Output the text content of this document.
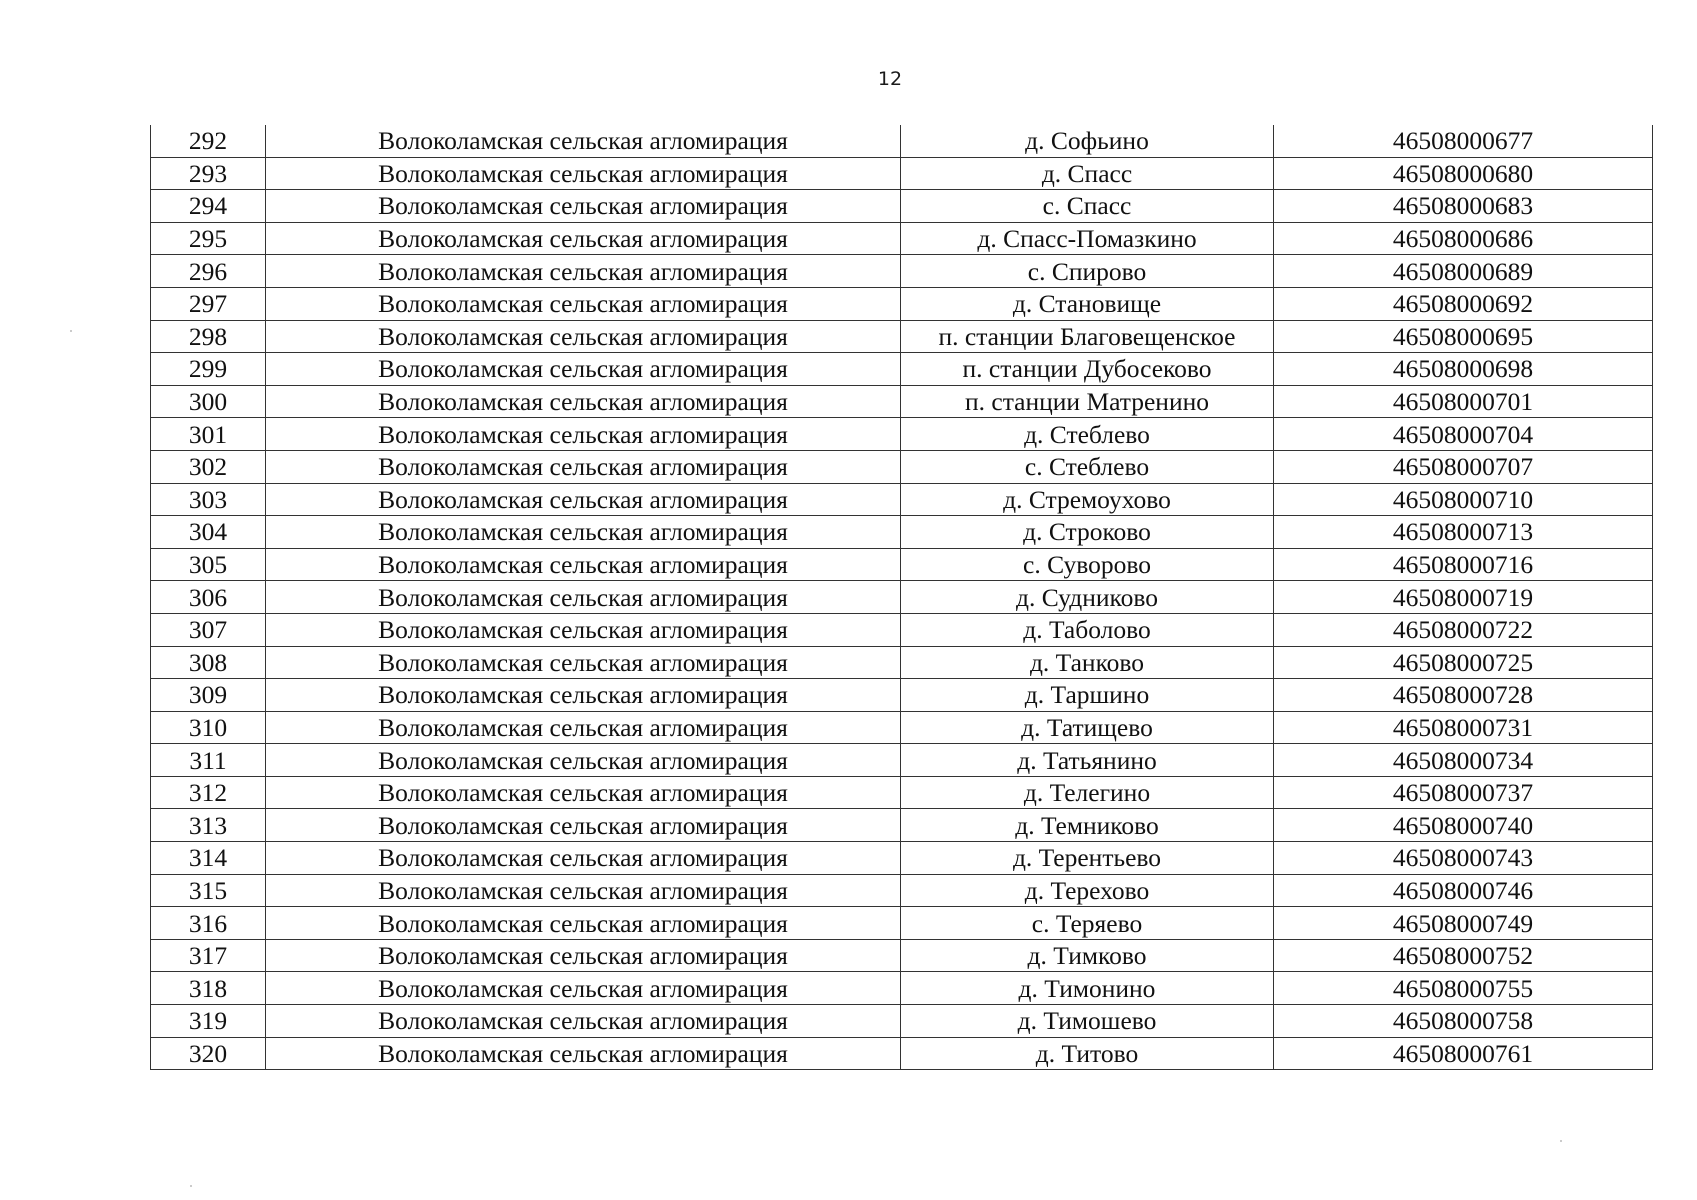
12
292	Волоколамская сельская агломирация	д. Софьино	46508000677
293	Волоколамская сельская агломирация	д. Спасс	46508000680
294	Волоколамская сельская агломирация	с. Спасс	46508000683
295	Волоколамская сельская агломирация	д. Спасс-Помазкино	46508000686
296	Волоколамская сельская агломирация	с. Спирово	46508000689
297	Волоколамская сельская агломирация	д. Становище	46508000692
298	Волоколамская сельская агломирация	п. станции Благовещенское	46508000695
299	Волоколамская сельская агломирация	п. станции Дубосеково	46508000698
300	Волоколамская сельская агломирация	п. станции Матренино	46508000701
301	Волоколамская сельская агломирация	д. Стеблево	46508000704
302	Волоколамская сельская агломирация	с. Стеблево	46508000707
303	Волоколамская сельская агломирация	д. Стремоухово	46508000710
304	Волоколамская сельская агломирация	д. Строково	46508000713
305	Волоколамская сельская агломирация	с. Суворово	46508000716
306	Волоколамская сельская агломирация	д. Судниково	46508000719
307	Волоколамская сельская агломирация	д. Таболово	46508000722
308	Волоколамская сельская агломирация	д. Танково	46508000725
309	Волоколамская сельская агломирация	д. Таршино	46508000728
310	Волоколамская сельская агломирация	д. Татищево	46508000731
311	Волоколамская сельская агломирация	д. Татьянино	46508000734
312	Волоколамская сельская агломирация	д. Телегино	46508000737
313	Волоколамская сельская агломирация	д. Темниково	46508000740
314	Волоколамская сельская агломирация	д. Терентьево	46508000743
315	Волоколамская сельская агломирация	д. Терехово	46508000746
316	Волоколамская сельская агломирация	с. Теряево	46508000749
317	Волоколамская сельская агломирация	д. Тимково	46508000752
318	Волоколамская сельская агломирация	д. Тимонино	46508000755
319	Волоколамская сельская агломирация	д. Тимошево	46508000758
320	Волоколамская сельская агломирация	д. Титово	46508000761
